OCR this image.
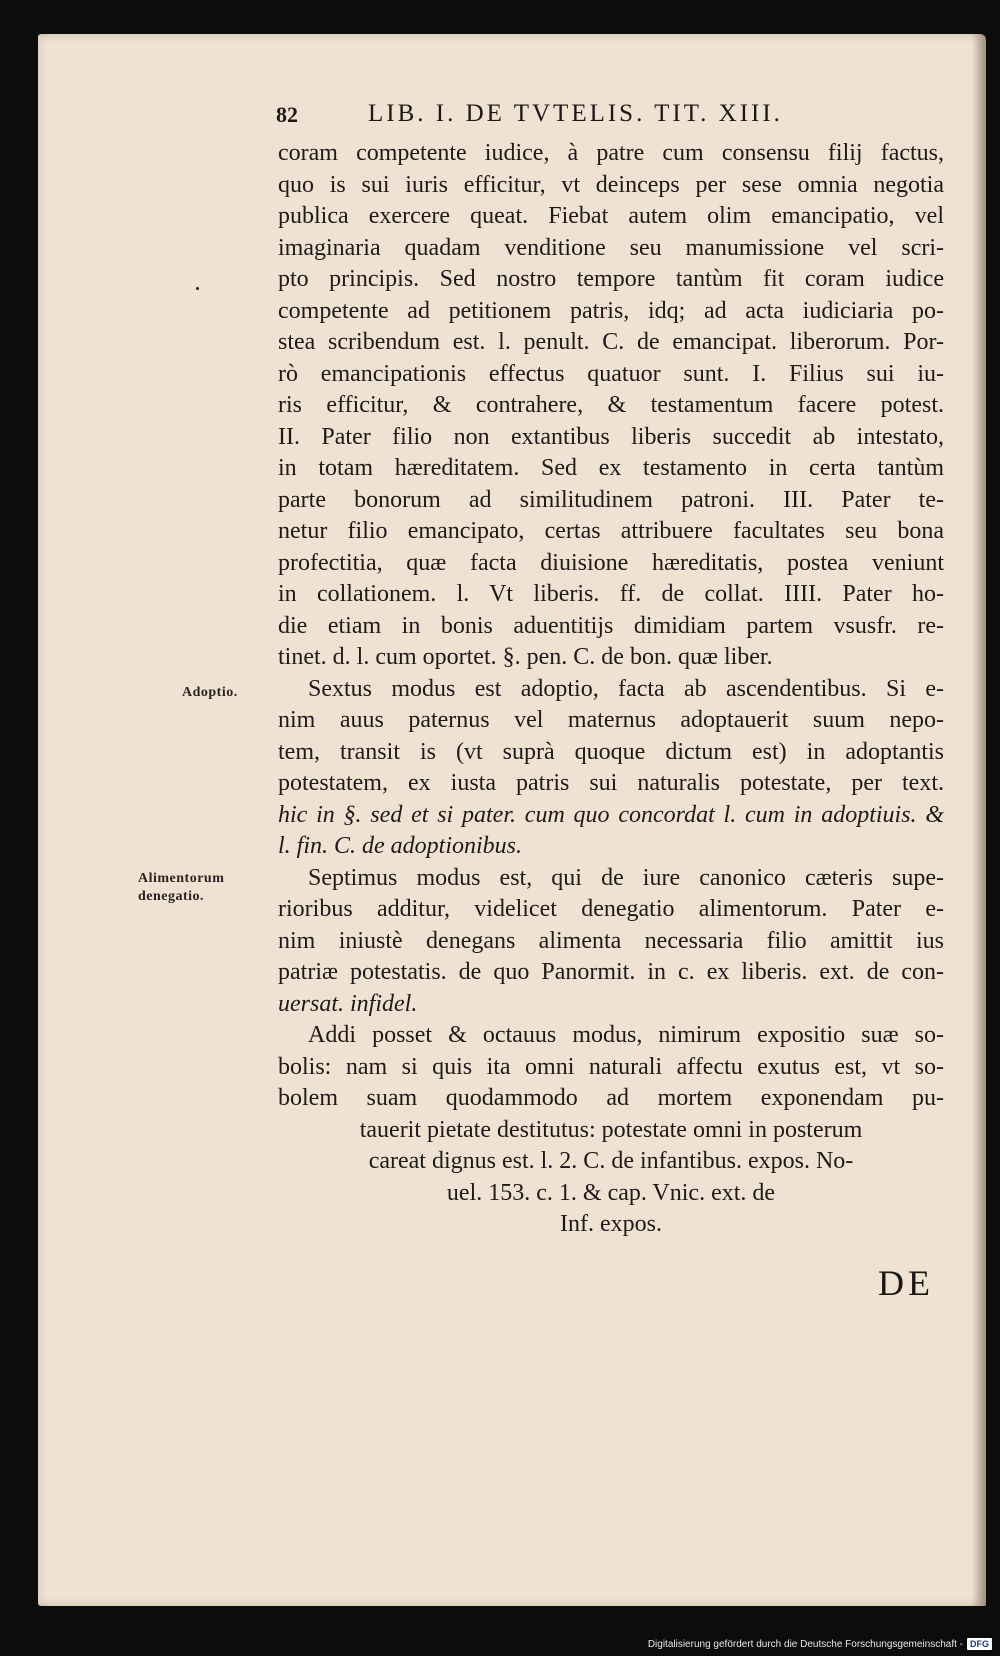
82	LIB. I. DE TVTELIS. TIT. XIII.
Adoptio.
Alimentorum
denegatio.
coram competente iudice, à patre cum consensu filij factus,
quo is sui iuris efficitur, vt deinceps per sese omnia negotia
publica exercere queat. Fiebat autem olim emancipatio, vel
imaginaria quadam venditione seu manumissione vel scri-
pto principis. Sed nostro tempore tantùm fit coram iudice
competente ad petitionem patris, idq; ad acta iudiciaria po-
stea scribendum est. l. penult. C. de emancipat. liberorum. Por-
rò emancipationis effectus quatuor sunt. I. Filius sui iu-
ris efficitur, & contrahere, & testamentum facere potest.
II. Pater filio non extantibus liberis succedit ab intestato,
in totam hæreditatem. Sed ex testamento in certa tantùm
parte bonorum ad similitudinem patroni. III. Pater te-
netur filio emancipato, certas attribuere facultates seu bona
profectitia, quæ facta diuisione hæreditatis, postea veniunt
in collationem. l. Vt liberis. ff. de collat. IIII. Pater ho-
die etiam in bonis aduentitijs dimidiam partem vsusfr. re-
tinet. d. l. cum oportet. §. pen. C. de bon. quæ liber.
Sextus modus est adoptio, facta ab ascendentibus. Si e-
nim auus paternus vel maternus adoptauerit suum nepo-
tem, transit is (vt suprà quoque dictum est) in adoptantis
potestatem, ex iusta patris sui naturalis potestate, per text.
hic in §. sed et si pater. cum quo concordat l. cum in adoptiuis. &
l. fin. C. de adoptionibus.
Septimus modus est, qui de iure canonico cæteris supe-
rioribus additur, videlicet denegatio alimentorum. Pater e-
nim iniustè denegans alimenta necessaria filio amittit ius
patriæ potestatis. de quo Panormit. in c. ex liberis. ext. de con-
uersat. infidel.
Addi posset & octauus modus, nimirum expositio suæ so-
bolis: nam si quis ita omni naturali affectu exutus est, vt so-
bolem suam quodammodo ad mortem exponendam pu-
tauerit pietate destitutus: potestate omni in posterum
careat dignus est. l. 2. C. de infantibus. expos. No-
uel. 153. c. 1. & cap. Vnic. ext. de
Inf. expos.
DE
Digitalisierung gefördert durch die Deutsche Forschungsgemeinschaft - DFG
